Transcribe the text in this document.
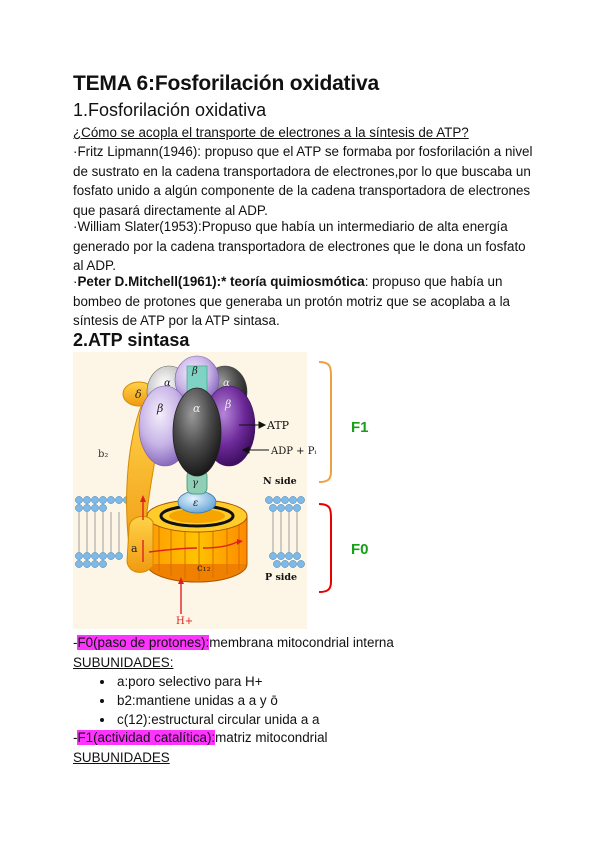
TEMA 6:Fosforilación oxidativa
1.Fosforilación oxidativa

¿Cómo se acopla el transporte de electrones a la síntesis de ATP?

·Fritz Lipmann(1946): propuso que el ATP se formaba por fosforilación a nivel de sustrato en la cadena transportadora de electrones,por lo que buscaba un fosfato unido a algún componente de la cadena transportadora de electrones que pasará directamente al ADP.

·William Slater(1953):Propuso que había un intermediario de alta energía generado por la cadena transportadora de electrones que le dona un fosfato al ADP.

·Peter D.Mitchell(1961):* teoría quimiosmótica: propuso que había un bombeo de protones que generaba un protón motriz que se acoplaba a la síntesis de ATP por la ATP sintasa.

2.ATP sintasa
δ
b₂
a
c₁₂
ε
γ
α
β
α
β	α β
ATP
ADP + Pᵢ
N side
P side
H+
F1
F0

-F0(paso de protones):membrana mitocondrial interna

SUBUNIDADES:

• a:poro selectivo para H+
• b2:mantiene unidas a a y ō
• c(12):estructural circular unida a a

-F1(actividad catalítica):matriz mitocondrial

SUBUNIDADES
